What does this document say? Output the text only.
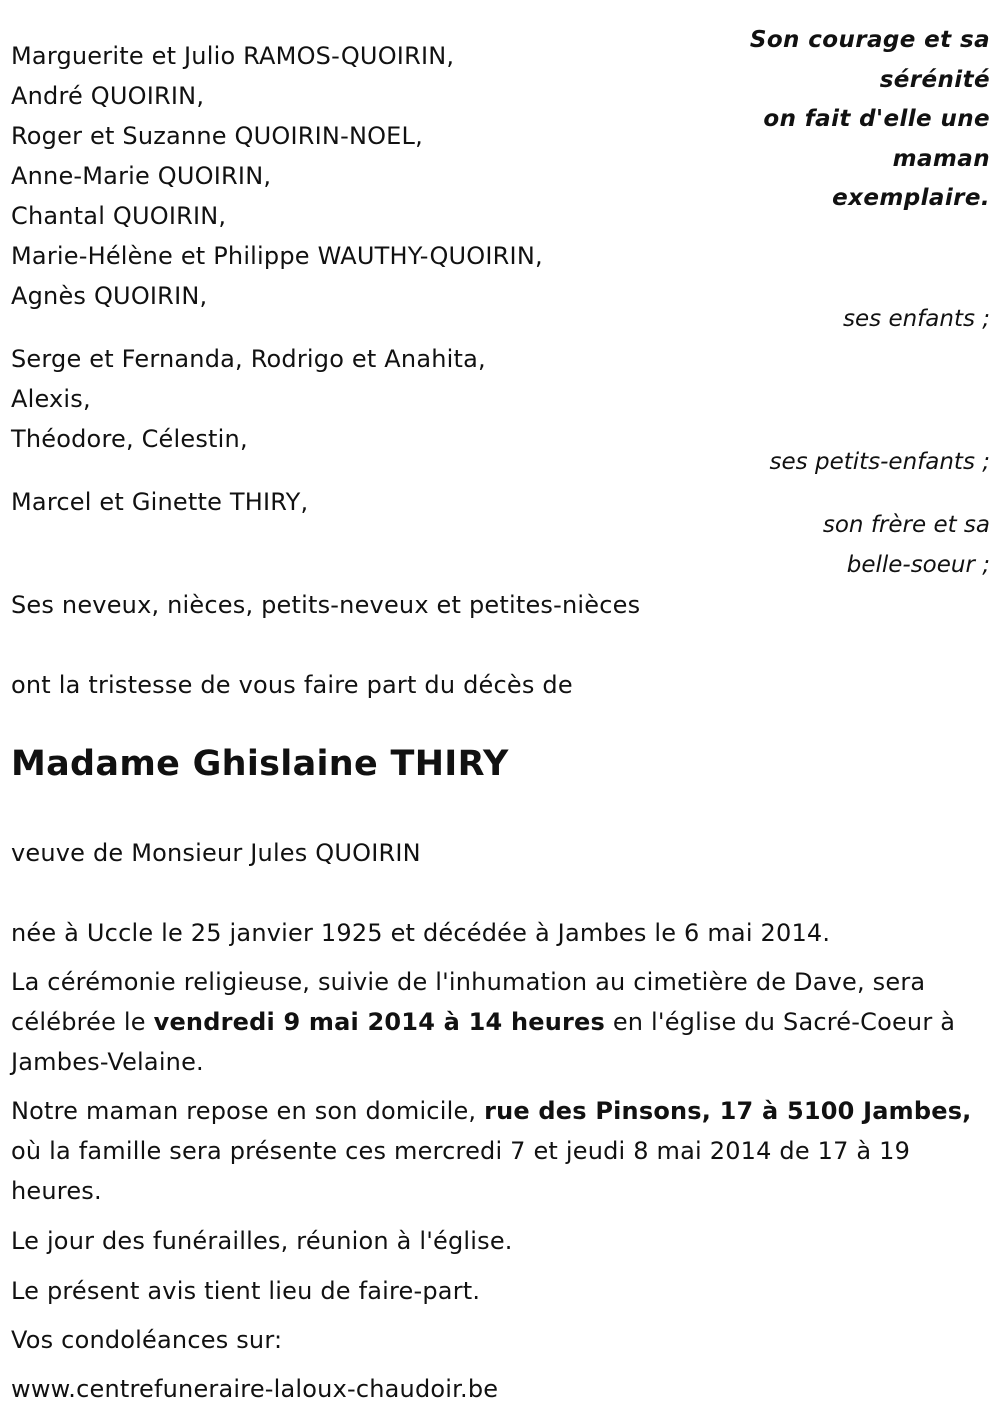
Son courage et sa
sérénité
on fait d'elle une
maman
exemplaire.
Marguerite et Julio RAMOS-QUOIRIN,
André QUOIRIN,
Roger et Suzanne QUOIRIN-NOEL,
Anne-Marie QUOIRIN,
Chantal QUOIRIN,
Marie-Hélène et Philippe WAUTHY-QUOIRIN,
Agnès QUOIRIN,
ses enfants ;
Serge et Fernanda, Rodrigo et Anahita,
Alexis,
Théodore, Célestin,
ses petits-enfants ;
Marcel et Ginette THIRY,
son frère et sa
belle-soeur ;
Ses neveux, nièces, petits-neveux et petites-nièces
ont la tristesse de vous faire part du décès de
Madame Ghislaine THIRY
veuve de Monsieur Jules QUOIRIN
née à Uccle le 25 janvier 1925 et décédée à Jambes le 6 mai 2014.
La cérémonie religieuse, suivie de l'inhumation au cimetière de Dave, sera célébrée le vendredi 9 mai 2014 à 14 heures en l'église du Sacré-Coeur à Jambes-Velaine.
Notre maman repose en son domicile, rue des Pinsons, 17 à 5100 Jambes, où la famille sera présente ces mercredi 7 et jeudi 8 mai 2014 de 17 à 19 heures.
Le jour des funérailles, réunion à l'église.
Le présent avis tient lieu de faire-part.
Vos condoléances sur:
www.centrefuneraire-laloux-chaudoir.be
